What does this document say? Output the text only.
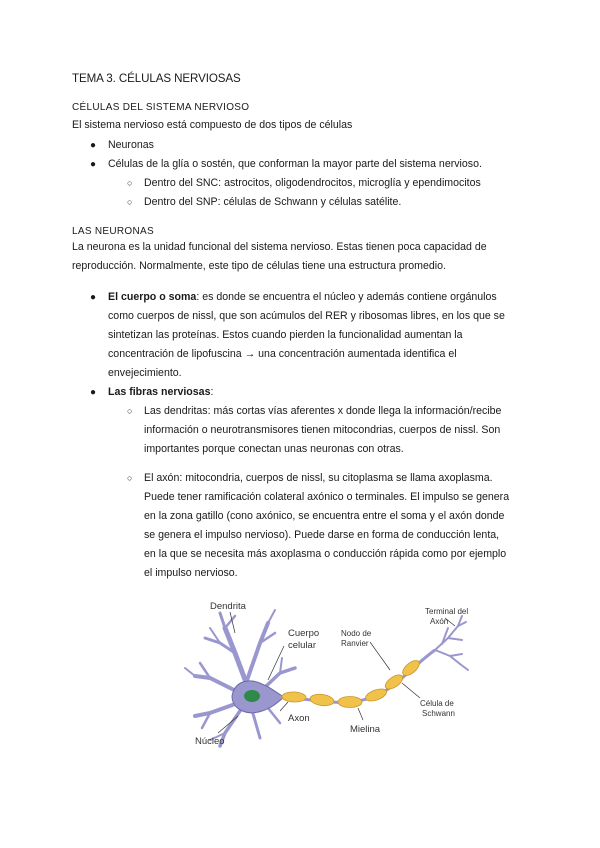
TEMA 3. CÉLULAS NERVIOSAS
CÉLULAS DEL SISTEMA NERVIOSO
El sistema nervioso está compuesto de dos tipos de células
● Neuronas
● Células de la glía o sostén, que conforman la mayor parte del sistema nervioso.
○ Dentro del SNC: astrocitos, oligodendrocitos, microglía y ependimocitos
○ Dentro del SNP: células de Schwann y células satélite.
LAS NEURONAS
La neurona es la unidad funcional del sistema nervioso. Estas tienen poca capacidad de
reproducción. Normalmente, este tipo de células tiene una estructura promedio.
● El cuerpo o soma: es donde se encuentra el núcleo y además contiene orgánulos
como cuerpos de nissl, que son acúmulos del RER y ribosomas libres, en los que se
sintetizan las proteínas. Estos cuando pierden la funcionalidad aumentan la
concentración de lipofuscina → una concentración aumentada identifica el
envejecimiento.
● Las fibras nerviosas:
○ Las dendritas: más cortas vías aferentes x donde llega la información/recibe
información o neurotransmisores tienen mitocondrias, cuerpos de nissl. Son
importantes porque conectan unas neuronas con otras.
○ El axón: mitocondria, cuerpos de nissl, su citoplasma se llama axoplasma.
Puede tener ramificación colateral axónico o terminales. El impulso se genera
en la zona gatillo (cono axónico, se encuentra entre el soma y el axón donde
se genera el impulso nervioso). Puede darse en forma de conducción lenta,
en la que se necesita más axoplasma o conducción rápida como por ejemplo
el impulso nervioso.
Dendrita
Cuerpo
celular
Nodo de
Ranvier
Terminal del
Axón
Axon
Núcleo
Mielina
Célula de
Schwann
